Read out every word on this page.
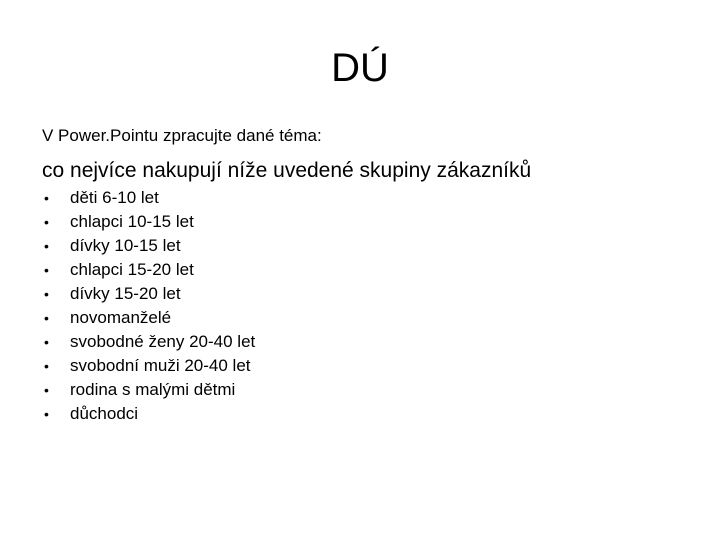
DÚ

V Power.Pointu zpracujte dané téma:

co nejvíce nakupují níže uvedené skupiny zákazníků

• děti 6-10 let
• chlapci 10-15 let
• dívky 10-15 let
• chlapci 15-20 let
• dívky 15-20 let
• novomanželé
• svobodné ženy 20-40 let
• svobodní muži 20-40 let
• rodina s malými dětmi
• důchodci
